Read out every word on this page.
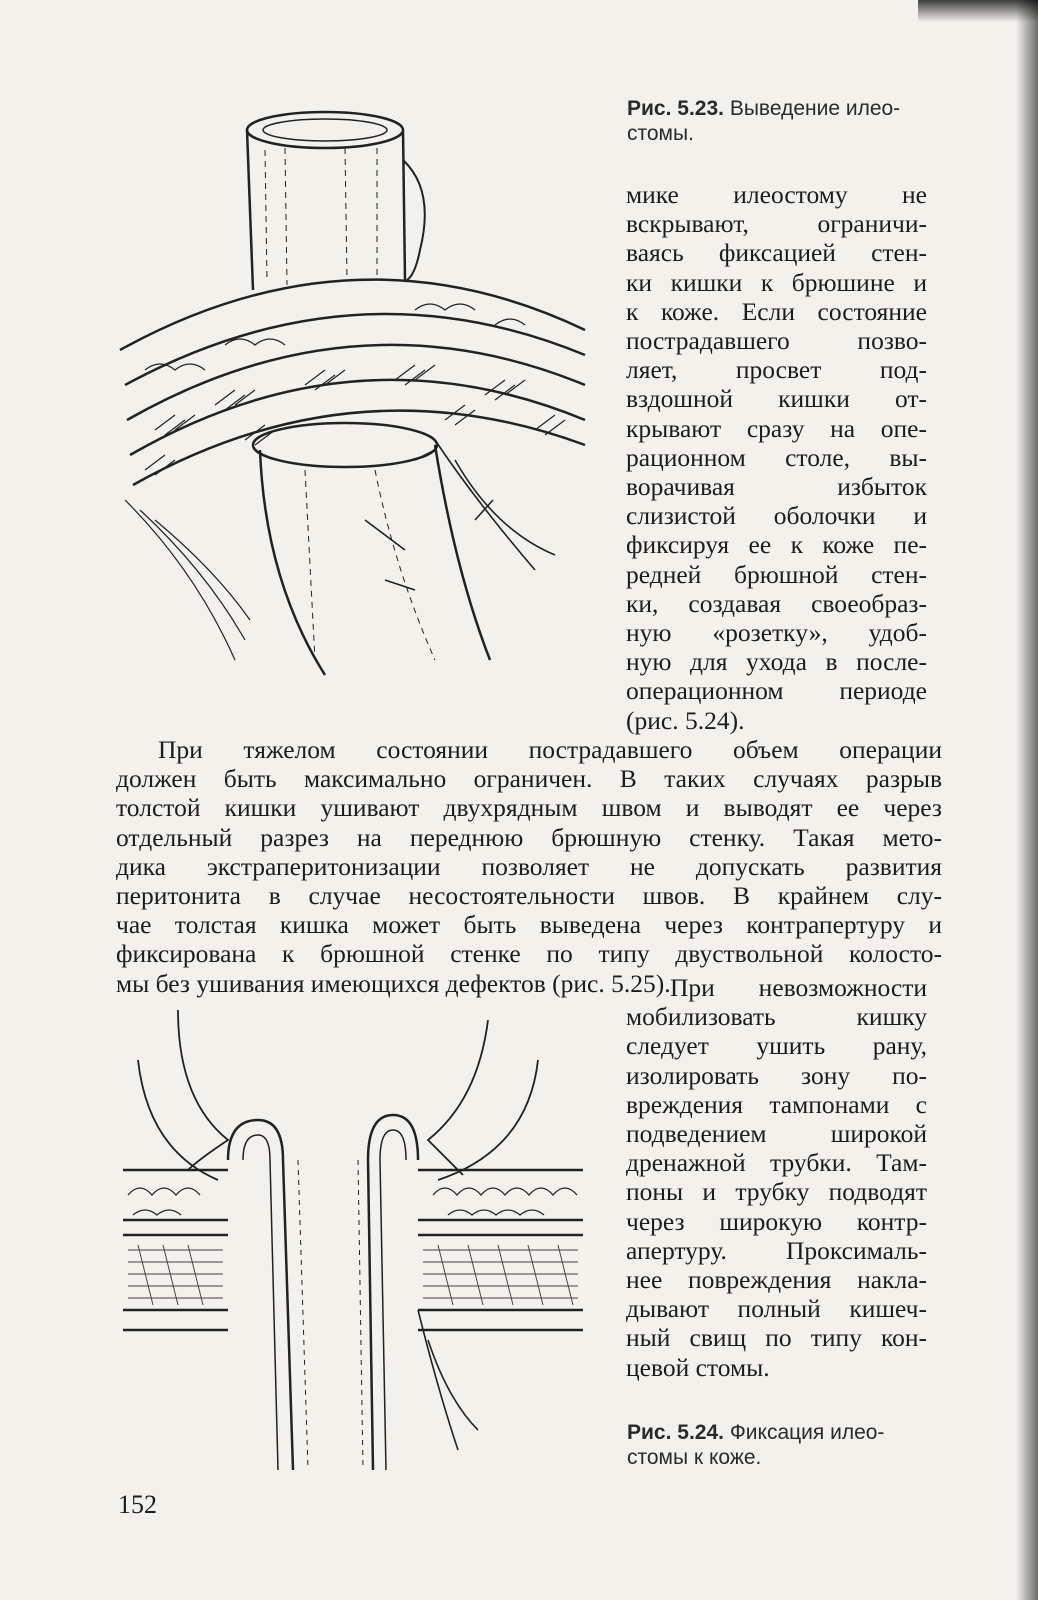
Рис. 5.23. Выведение илео-
стомы.
мике илеостому не
вскрывают, ограничи-
ваясь фиксацией стен-
ки кишки к брюшине и
к коже. Если состояние
пострадавшего позво-
ляет, просвет под-
вздошной кишки от-
крывают сразу на опе-
рационном столе, вы-
ворачивая избыток
слизистой оболочки и
фиксируя ее к коже пе-
редней брюшной стен-
ки, создавая своеобраз-
ную «розетку», удоб-
ную для ухода в после-
операционном периоде
(рис. 5.24).
При тяжелом состоянии пострадавшего объем операции
должен быть максимально ограничен. В таких случаях разрыв
толстой кишки ушивают двухрядным швом и выводят ее через
отдельный разрез на переднюю брюшную стенку. Такая мето-
дика экстраперитонизации позволяет не допускать развития
перитонита в случае несостоятельности швов. В крайнем слу-
чае толстая кишка может быть выведена через контрапертуру и
фиксирована к брюшной стенке по типу двуствольной колосто-
мы без ушивания имеющихся дефектов (рис. 5.25). При невозможности
мобилизовать кишку
следует ушить рану,
изолировать зону по-
вреждения тампонами с
подведением широкой
дренажной трубки. Там-
поны и трубку подводят
через широкую контр-
апертуру. Проксималь-
нее повреждения накла-
дывают полный кишеч-
ный свищ по типу кон-
цевой стомы.
Рис. 5.24. Фиксация илео-
стомы к коже.
152
